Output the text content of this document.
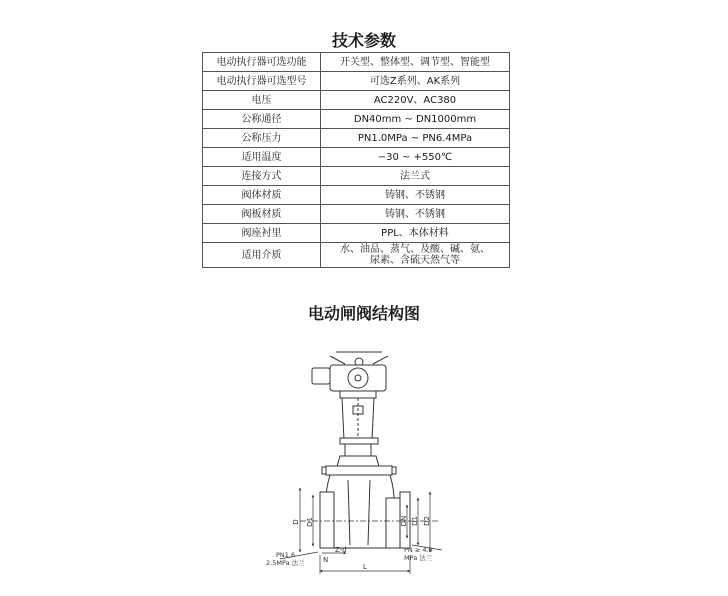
技术参数
电动执行器可选功能	开关型、整体型、调节型、智能型
电动执行器可选型号	可选Z系列、AK系列
电压	AC220V、AC380
公称通径	DN40mm ~ DN1000mm
公称压力	PN1.0MPa ~ PN6.4MPa
适用温度	−30 ~ +550℃
连接方式	法兰式
阀体材质	铸钢、不锈钢
阀板材质	铸钢、不锈钢
阀座衬里	PPL、本体材料
适用介质	水、油品、蒸气、及酸、碱、氨、
尿素、含硫天然气等
电动闸阀结构图
D D1	DN D1 D2
PN1.6
2.5MPa 法兰
PN ≥ 4.0
MPa 法兰
N
Z-d
L
